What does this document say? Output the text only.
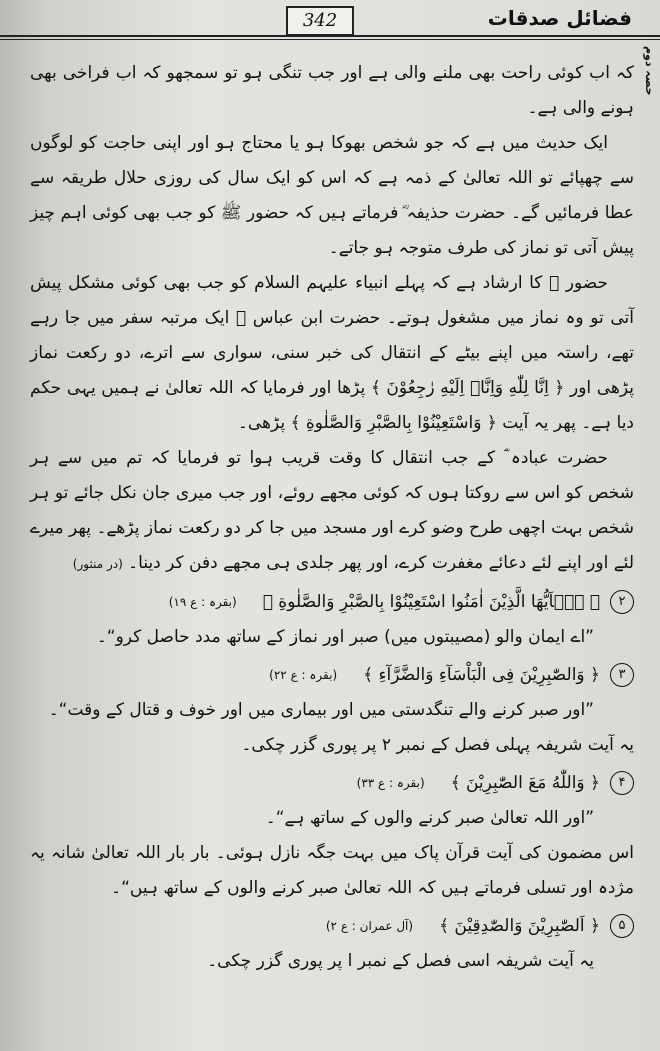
342	فضائل صدقات
حصہ دوم

کہ اب کوئی راحت بھی ملنے والی ہے اور جب تنگی ہو تو سمجھو کہ اب فراخی بھی ہونے والی ہے۔

ایک حدیث میں ہے کہ جو شخص بھوکا ہو یا محتاج ہو اور اپنی حاجت کو لوگوں سے چھپائے تو اللہ تعالیٰ کے ذمہ ہے کہ اس کو ایک سال کی روزی حلال طریقہ سے عطا فرمائیں گے۔ حضرت حذیفہ ؓ فرماتے ہیں کہ حضور ﷺ کو جب بھی کوئی اہم چیز پیش آتی تو نماز کی طرف متوجہ ہو جاتے۔

حضور ﷺ کا ارشاد ہے کہ پہلے انبیاء علیہم السلام کو جب بھی کوئی مشکل پیش آتی تو وہ نماز میں مشغول ہوتے۔ حضرت ابن عباس ؓ ایک مرتبہ سفر میں جا رہے تھے، راستہ میں اپنے بیٹے کے انتقال کی خبر سنی، سواری سے اترے، دو رکعت نماز پڑھی اور ﴿ اِنَّا لِلّٰهِ وَاِنَّاۤ اِلَيْهِ رٰجِعُوْنَ ﴾ پڑھا اور فرمایا کہ اللہ تعالیٰ نے ہمیں یہی حکم دیا ہے۔ پھر یہ آیت ﴿ وَاسْتَعِيْنُوْا بِالصَّبْرِ وَالصَّلٰوةِ ﴾ پڑھی۔

حضرت عبادہ ؓ کے جب انتقال کا وقت قریب ہوا تو فرمایا کہ تم میں سے ہر شخص کو اس سے روکتا ہوں کہ کوئی مجھے روئے، اور جب میری جان نکل جائے تو ہر شخص بہت اچھی طرح وضو کرے اور مسجد میں جا کر دو رکعت نماز پڑھے۔ پھر میرے لئے اور اپنے لئے دعائے مغفرت کرے، اور پھر جلدی ہی مجھے دفن کر دینا۔ (در منثور)

۲
﴿ يٰۤاَيُّهَا الَّذِيْنَ اٰمَنُوا اسْتَعِيْنُوْا بِالصَّبْرِ وَالصَّلٰوةِ ﴾
(بقرہ : ع ۱۹)

”اے ایمان والو (مصیبتوں میں) صبر اور نماز کے ساتھ مدد حاصل کرو“۔

۳
﴿ وَالصّٰبِرِيْنَ فِى الْبَاْسَآءِ وَالضَّرَّآءِ ﴾
(بقرہ : ع ۲۲)

”اور صبر کرنے والے تنگدستی میں اور بیماری میں اور خوف و قتال کے وقت“۔

یہ آیت شریفہ پہلی فصل کے نمبر ۲ پر پوری گزر چکی۔

۴
﴿ وَاللّٰهُ مَعَ الصّٰبِرِيْنَ ﴾
(بقرہ : ع ۳۳)

”اور اللہ تعالیٰ صبر کرنے والوں کے ساتھ ہے“۔

اس مضمون کی آیت قرآن پاک میں بہت جگہ نازل ہوئی۔ بار بار اللہ تعالیٰ شانہ یہ مژدہ اور تسلی فرماتے ہیں کہ اللہ تعالیٰ صبر کرنے والوں کے ساتھ ہیں“۔

۵
﴿ اَلصّٰبِرِيْنَ وَالصّٰدِقِيْنَ ﴾
(آل عمران : ع ۲)

یہ آیت شریفہ اسی فصل کے نمبر ا پر پوری گزر چکی۔
